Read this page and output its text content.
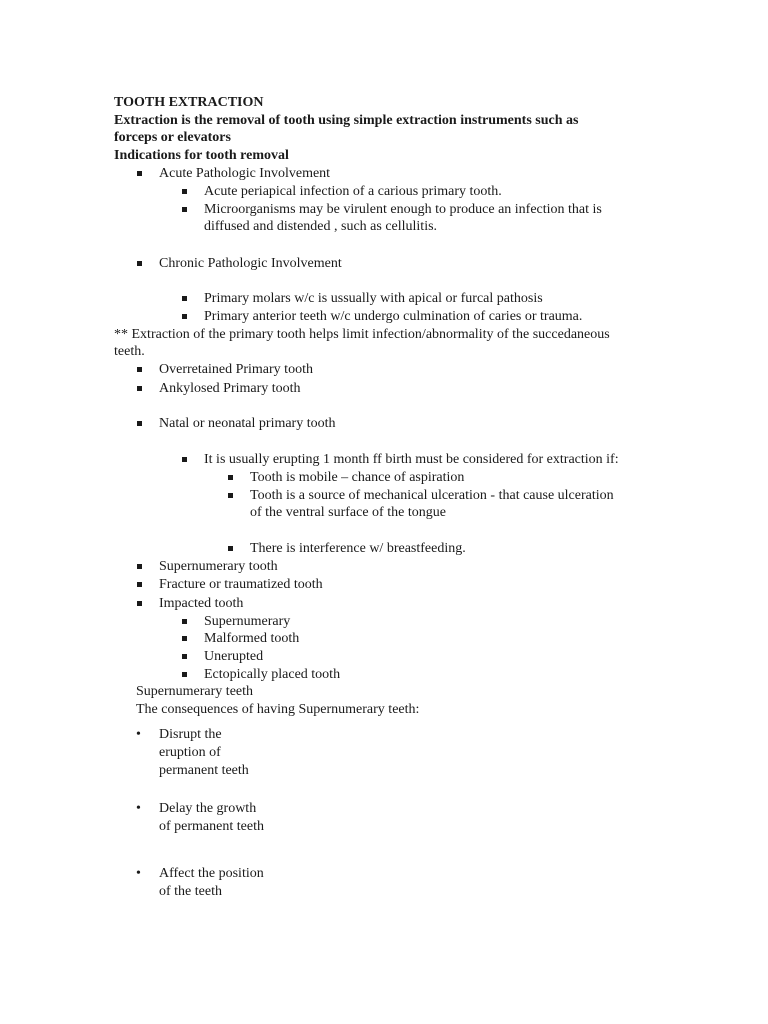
TOOTH EXTRACTION
Extraction is the removal of tooth using simple extraction instruments such as
forceps or elevators
Indications for tooth removal
Acute Pathologic Involvement
Acute periapical infection of a carious primary tooth.
Microorganisms may be virulent enough to produce an infection that is
diffused and distended , such as cellulitis.
Chronic Pathologic Involvement
Primary molars w/c is ussually with apical or furcal pathosis
Primary anterior teeth w/c undergo culmination of caries or trauma.
** Extraction of the primary tooth helps limit infection/abnormality of the succedaneous
teeth.
Overretained Primary tooth
Ankylosed Primary tooth
Natal or neonatal primary tooth
It is usually erupting 1 month ff birth must be considered for extraction if:
Tooth is mobile – chance of aspiration
Tooth is a source of mechanical ulceration - that cause ulceration
of the ventral surface of the tongue
There is interference w/ breastfeeding.
Supernumerary tooth
Fracture or traumatized tooth
Impacted tooth
Supernumerary
Malformed tooth
Unerupted
Ectopically placed tooth
Supernumerary teeth
The consequences of having Supernumerary teeth:
• Disrupt the
eruption of
permanent teeth
• Delay the growth
of permanent teeth
• Affect the position
of the teeth
